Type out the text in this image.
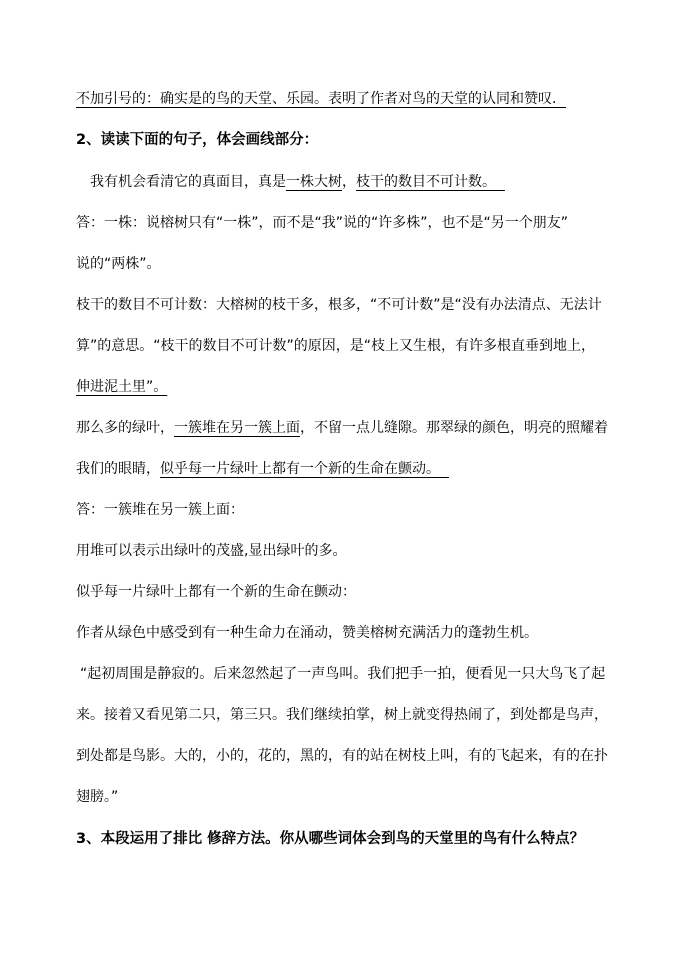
不加引号的：确实是的鸟的天堂、乐园。表明了作者对鸟的天堂的认同和赞叹．
2、读读下面的句子，体会画线部分：
我有机会看清它的真面目，真是一株大树，枝干的数目不可计数。
答：一株：说榕树只有“一株”，而不是“我”说的“许多株”，也不是“另一个朋友”
说的“两株”。
枝干的数目不可计数：大榕树的枝干多，根多，“不可计数”是“没有办法清点、无法计
算”的意思。“枝干的数目不可计数”的原因，是“枝上又生根，有许多根直垂到地上，
伸进泥土里”。
那么多的绿叶，一簇堆在另一簇上面，不留一点儿缝隙。那翠绿的颜色，明亮的照耀着
我们的眼睛，似乎每一片绿叶上都有一个新的生命在颤动。
答：一簇堆在另一簇上面：
用堆可以表示出绿叶的茂盛,显出绿叶的多。
似乎每一片绿叶上都有一个新的生命在颤动：
作者从绿色中感受到有一种生命力在涌动，赞美榕树充满活力的蓬勃生机。
“起初周围是静寂的。后来忽然起了一声鸟叫。我们把手一拍，便看见一只大鸟飞了起
来。接着又看见第二只，第三只。我们继续拍掌，树上就变得热闹了，到处都是鸟声，
到处都是鸟影。大的，小的，花的，黑的，有的站在树枝上叫，有的飞起来，有的在扑
翅膀。”
3、本段运用了排比 修辞方法。你从哪些词体会到鸟的天堂里的鸟有什么特点？
